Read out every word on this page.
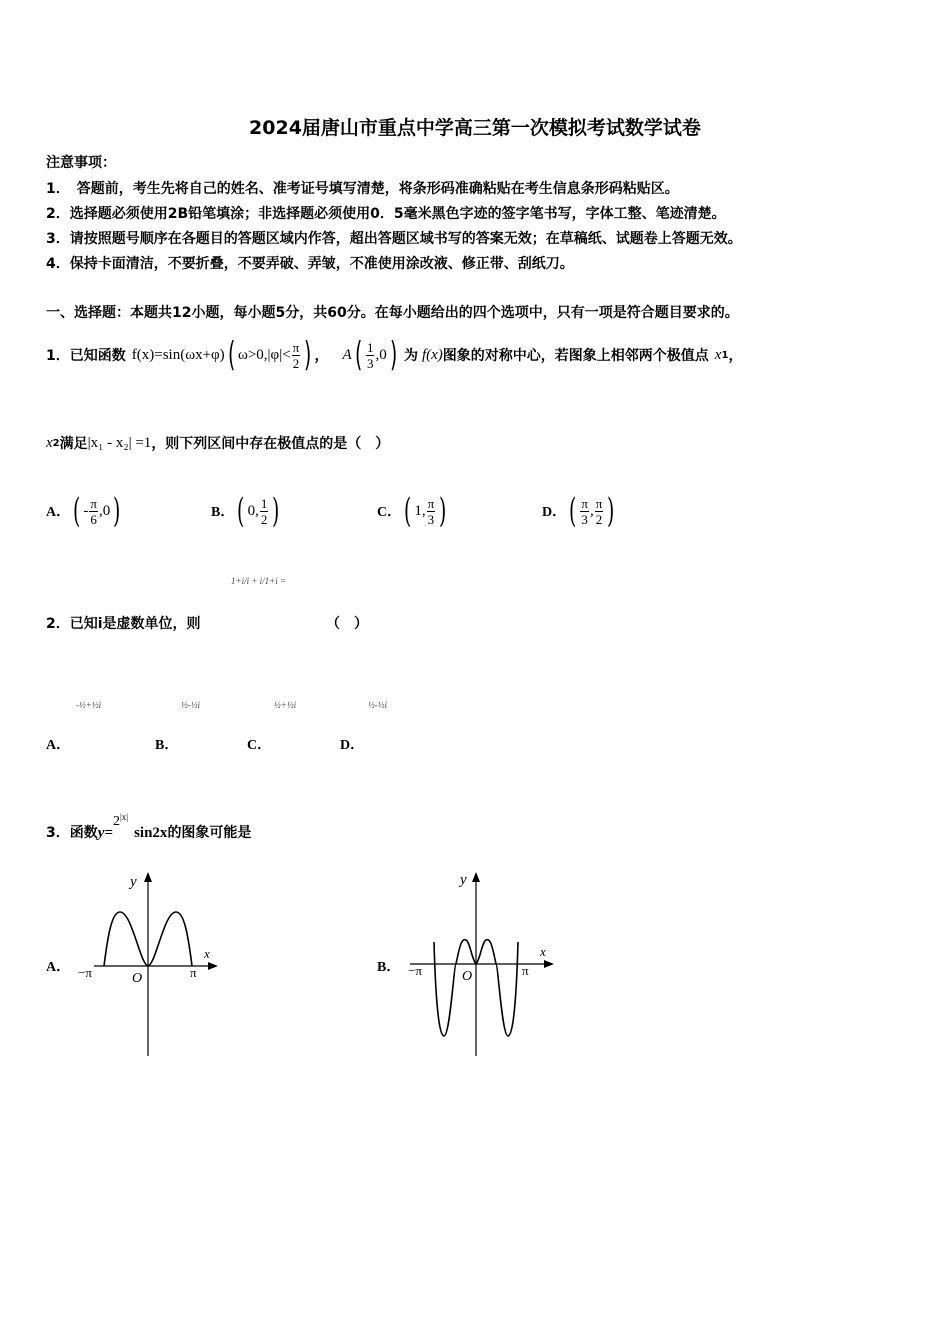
2024届唐山市重点中学高三第一次模拟考试数学试卷
注意事项：
1．　答题前，考生先将自己的姓名、准考证号填写清楚，将条形码准确粘贴在考生信息条形码粘贴区。
2．选择题必须使用2B铅笔填涂；非选择题必须使用0．5毫米黑色字迹的签字笔书写，字体工整、笔迹清楚。
3．请按照题号顺序在各题目的答题区域内作答，超出答题区域书写的答案无效；在草稿纸、试题卷上答题无效。
4．保持卡面清洁，不要折叠，不要弄破、弄皱，不准使用涂改液、修正带、刮纸刀。
一、选择题：本题共12小题，每小题5分，共60分。在每小题给出的四个选项中，只有一项是符合题目要求的。
1．已知函数 f(x)=sin(ωx+φ) ( $\omega>0,|\varphi|< \frac{\pi}{2}$ ) ， A ( $\frac{1}{3} ,0$ ) 为 f(x) 图象的对称中心，若图象上相邻两个极值点 x 1 ，
x 2 满足 |x₁ - x₂| =1 ，则下列区间中存在极值点的是（　）
A． ( - $\frac{\pi}{6} ,0$ )	B． ( 0, $\frac{1}{2}$ )	C． ( 1, $\frac{\pi}{3}$ )	D． ( $\frac{\pi}{3}$ , $\frac{\pi}{2}$ )
1+i/i + i/1+i =
2．已知i是虚数单位，则	（　）
-½+½i	½-½i	½+½i	½-½i
A．	B．	C．	D．
3．函数 y=
2 |x|
sin2x 的图象可能是
A．
y
x
O
−π	π	B．
y
x
O
−π	π
